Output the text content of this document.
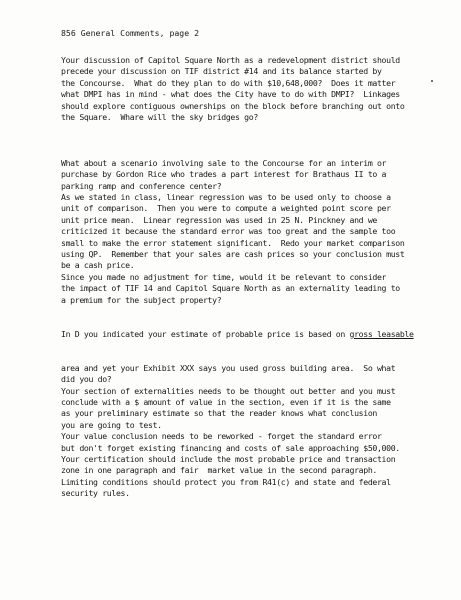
856 General Comments, page 2
Your discussion of Capitol Square North as a redevelopment district should
precede your discussion on TIF district #14 and its balance started by
the Concourse.  What do they plan to do with $10,648,000?  Does it matter
what DMPI has in mind - what does the City have to do with DMPI?  Linkages
should explore contiguous ownerships on the block before branching out onto
the Square.  Whare will the sky bridges go?

What about a scenario involving sale to the Concourse for an interim or
purchase by Gordon Rice who trades a part interest for Brathaus II to a
parking ramp and conference center?
As we stated in class, linear regression was to be used only to choose a
unit of comparison.  Then you were to compute a weighted point score per
unit price mean.  Linear regression was used in 25 N. Pinckney and we
criticized it because the standard error was too great and the sample too
small to make the error statement significant.  Redo your market comparison
using QP.  Remember that your sales are cash prices so your conclusion must
be a cash price.
Since you made no adjustment for time, would it be relevant to consider
the impact of TIF 14 and Capitol Square North as an externality leading to
a premium for the subject property?

In D you indicated your estimate of probable price is based on gross leasable

area and yet your Exhibit XXX says you used gross building area.  So what
did you do?
Your section of externalities needs to be thought out better and you must
conclude with a $ amount of value in the section, even if it is the same
as your preliminary estimate so that the reader knows what conclusion
you are going to test.
Your value conclusion needs to be reworked - forget the standard error
but don't forget existing financing and costs of sale approaching $50,000.
Your certification should include the most probable price and transaction
zone in one paragraph and fair  market value in the second paragraph.
Limiting conditions should protect you from R41(c) and state and federal
security rules.
